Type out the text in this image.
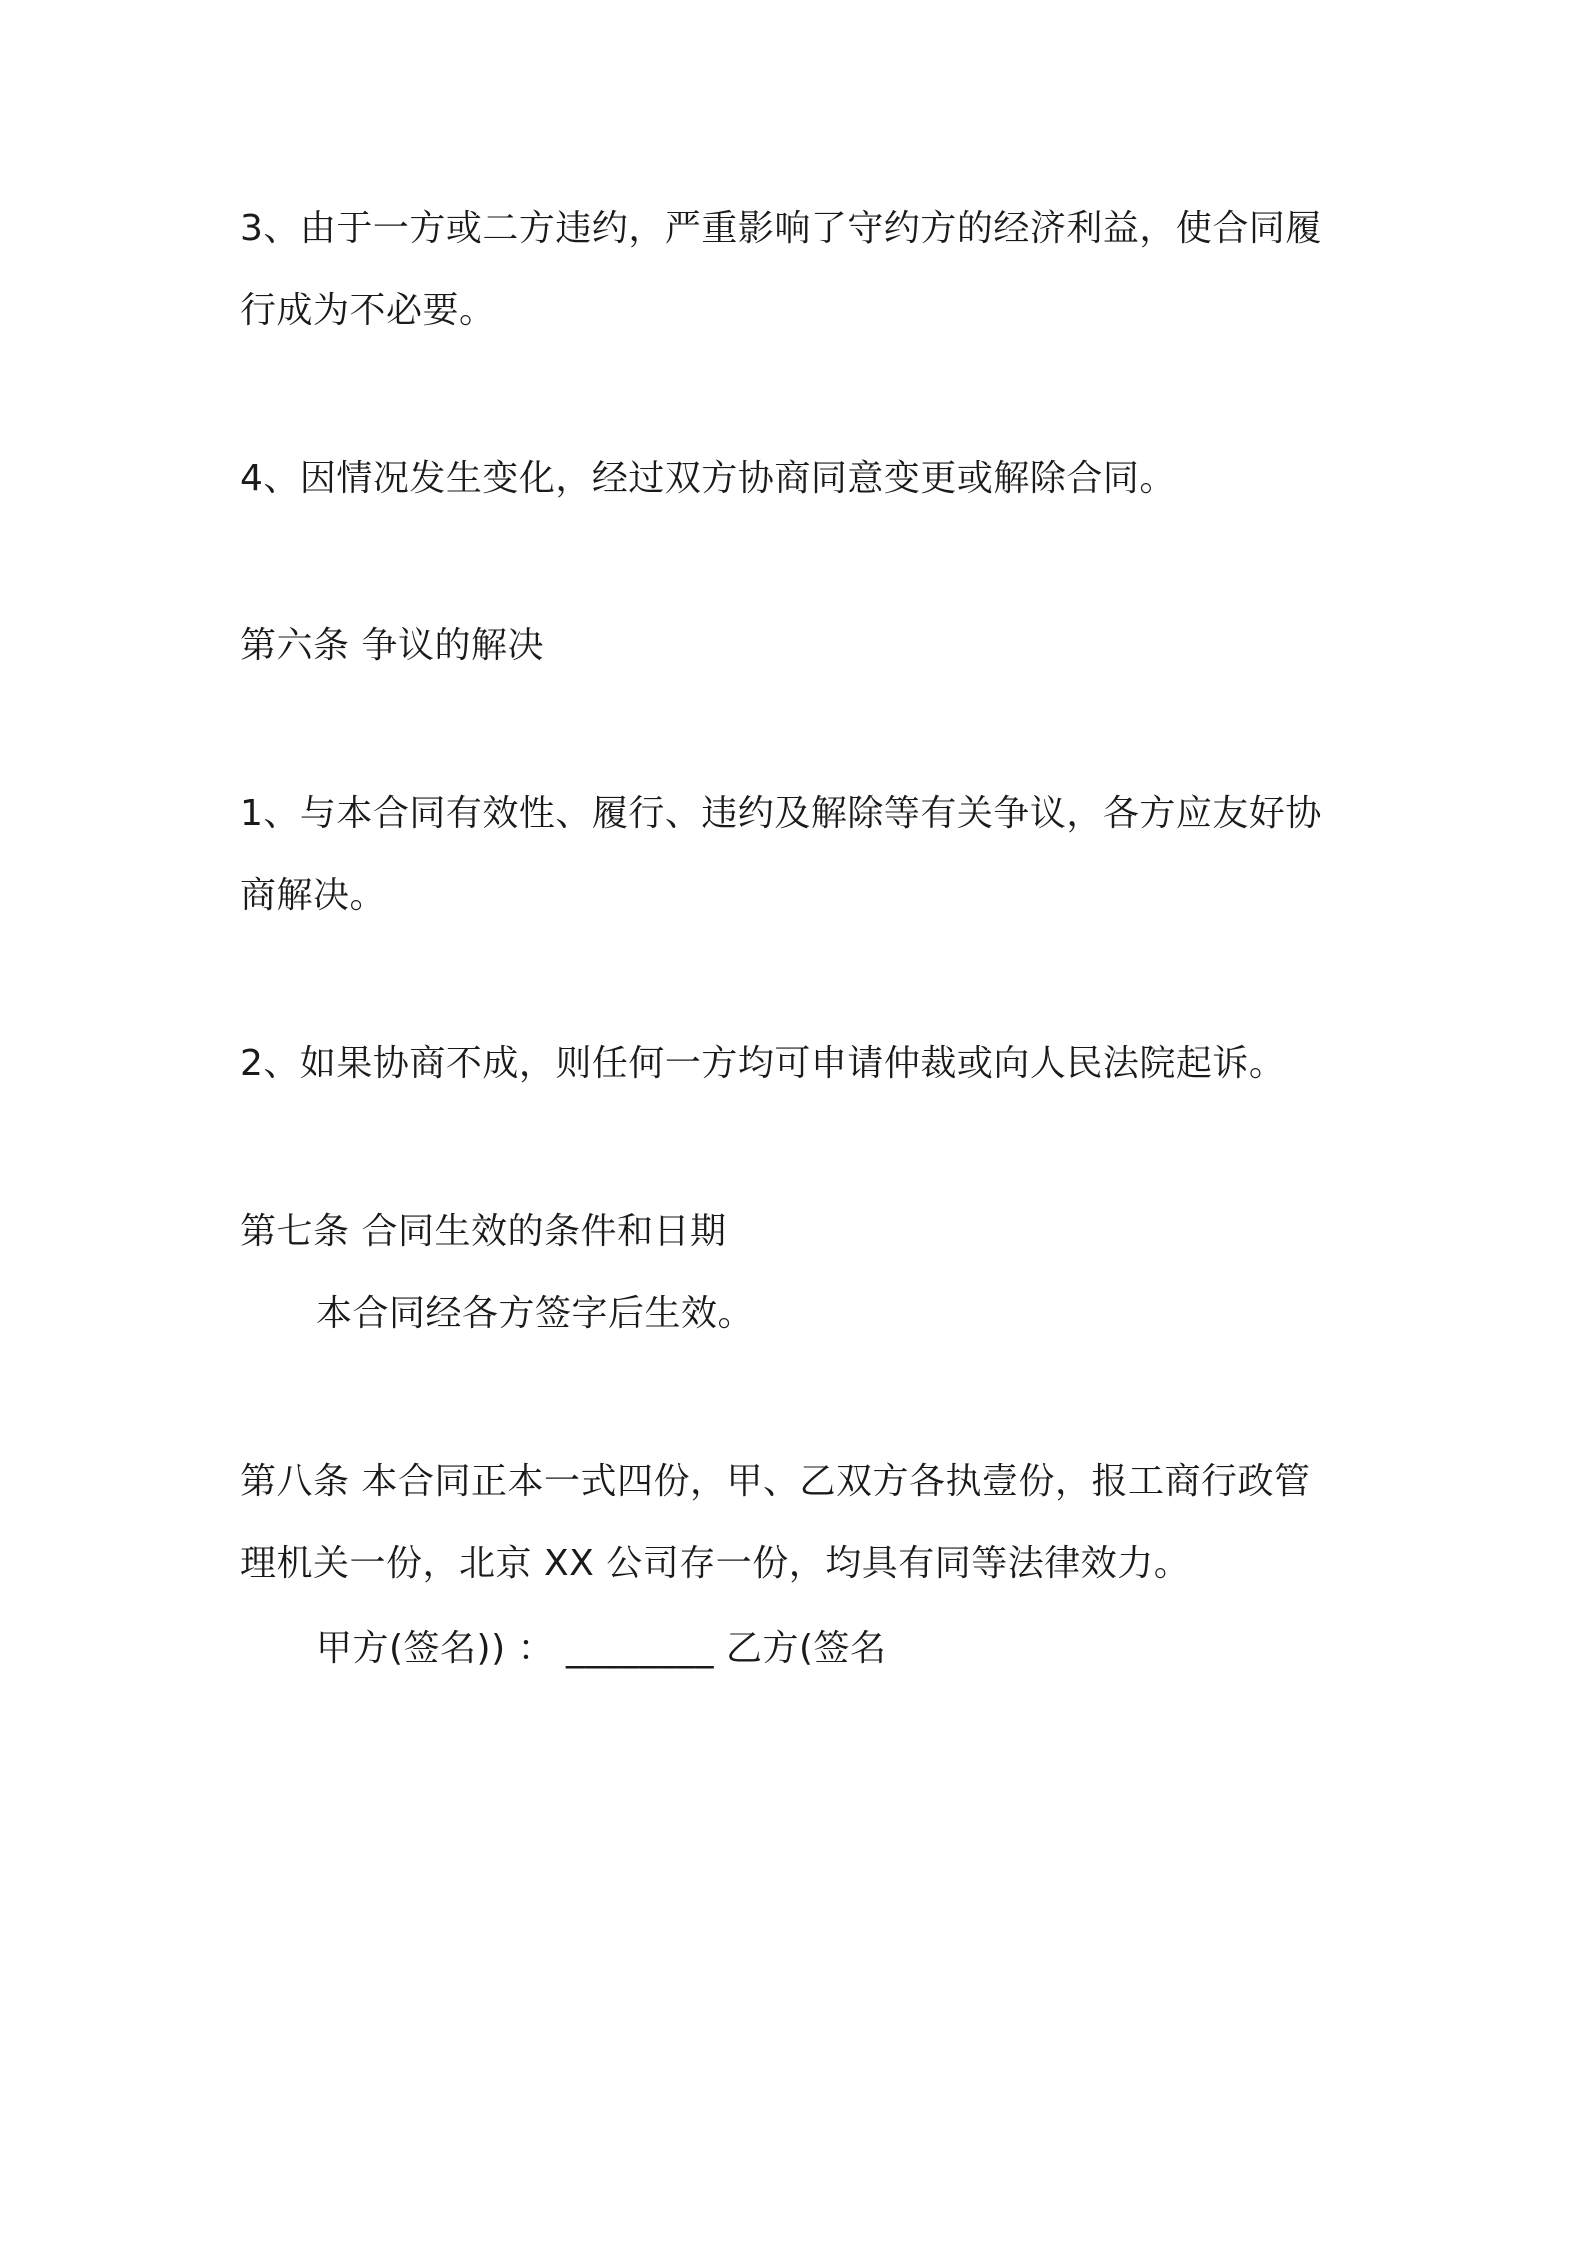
3、由于一方或二方违约，严重影响了守约方的经济利益，使合同履
行成为不必要。
4、因情况发生变化，经过双方协商同意变更或解除合同。
第六条 争议的解决
1、与本合同有效性、履行、违约及解除等有关争议，各方应友好协
商解决。
2、如果协商不成，则任何一方均可申请仲裁或向人民法院起诉。
第七条 合同生效的条件和日期
本合同经各方签字后生效。
第八条 本合同正本一式四份，甲、乙双方各执壹份，报工商行政管
理机关一份，北京 XX 公司存一份，均具有同等法律效力。
甲方(签名)) ： ________ 乙方(签名
